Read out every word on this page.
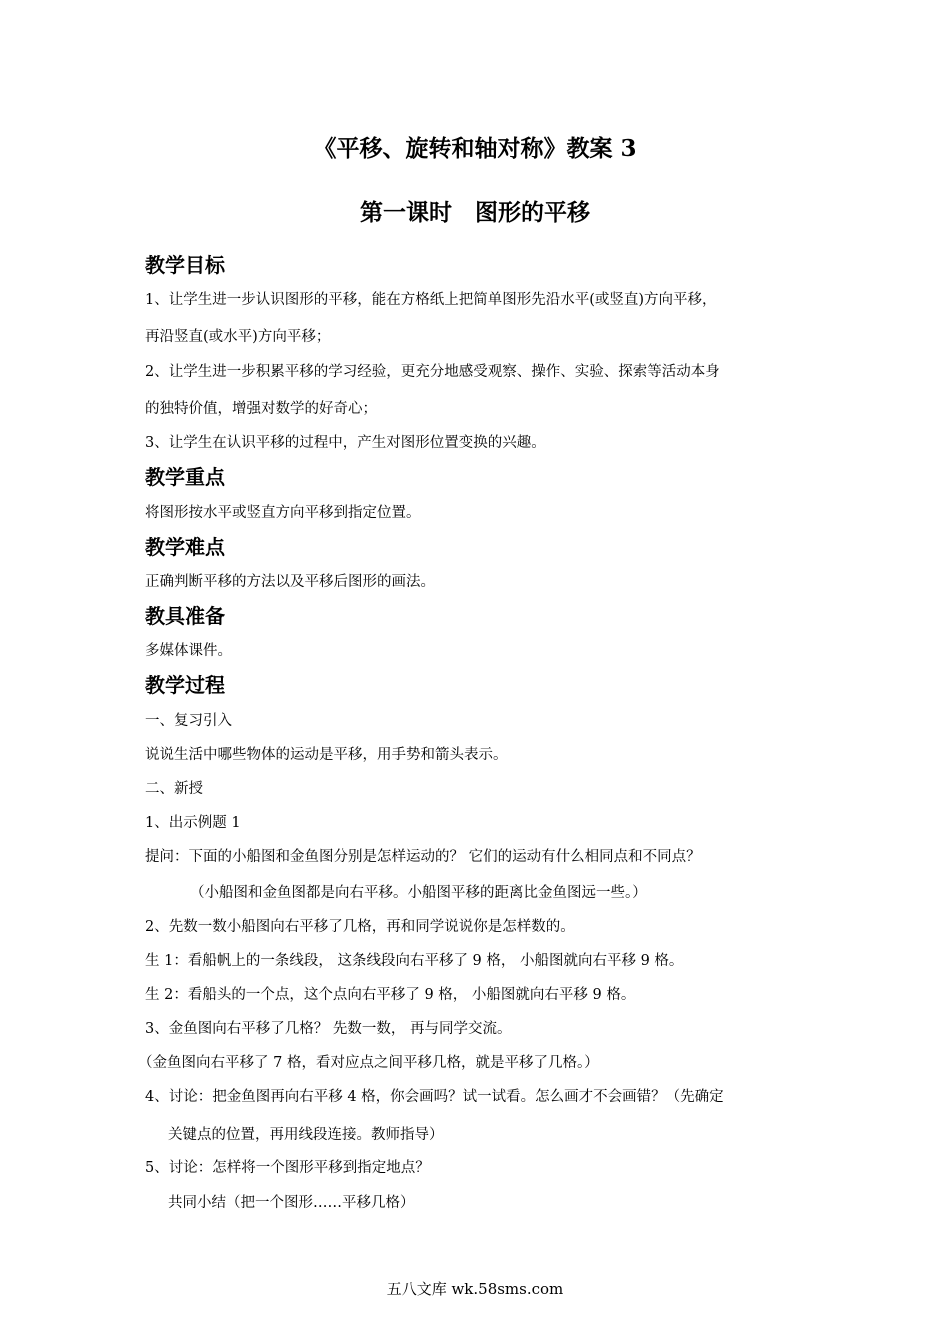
《平移、旋转和轴对称》教案 3
第一课时　图形的平移
教学目标
1、让学生进一步认识图形的平移，能在方格纸上把简单图形先沿水平(或竖直)方向平移，
再沿竖直(或水平)方向平移；
2、让学生进一步积累平移的学习经验，更充分地感受观察、操作、实验、探索等活动本身
的独特价值，增强对数学的好奇心；
3、让学生在认识平移的过程中，产生对图形位置变换的兴趣。
教学重点
将图形按水平或竖直方向平移到指定位置。
教学难点
正确判断平移的方法以及平移后图形的画法。
教具准备
多媒体课件。
教学过程
一、复习引入
说说生活中哪些物体的运动是平移，用手势和箭头表示。
二、新授
1、出示例题 1
提问：下面的小船图和金鱼图分别是怎样运动的？ 它们的运动有什么相同点和不同点？
（小船图和金鱼图都是向右平移。小船图平移的距离比金鱼图远一些。）
2、先数一数小船图向右平移了几格，再和同学说说你是怎样数的。
生 1：看船帆上的一条线段， 这条线段向右平移了 9 格， 小船图就向右平移 9 格。
生 2：看船头的一个点，这个点向右平移了 9 格， 小船图就向右平移 9 格。
3、金鱼图向右平移了几格？ 先数一数， 再与同学交流。
（金鱼图向右平移了 7 格，看对应点之间平移几格，就是平移了几格。）
4、讨论：把金鱼图再向右平移 4 格，你会画吗？试一试看。怎么画才不会画错？（先确定
关键点的位置，再用线段连接。教师指导）
5、讨论：怎样将一个图形平移到指定地点？
共同小结（把一个图形……平移几格）
五八文库 wk.58sms.com
